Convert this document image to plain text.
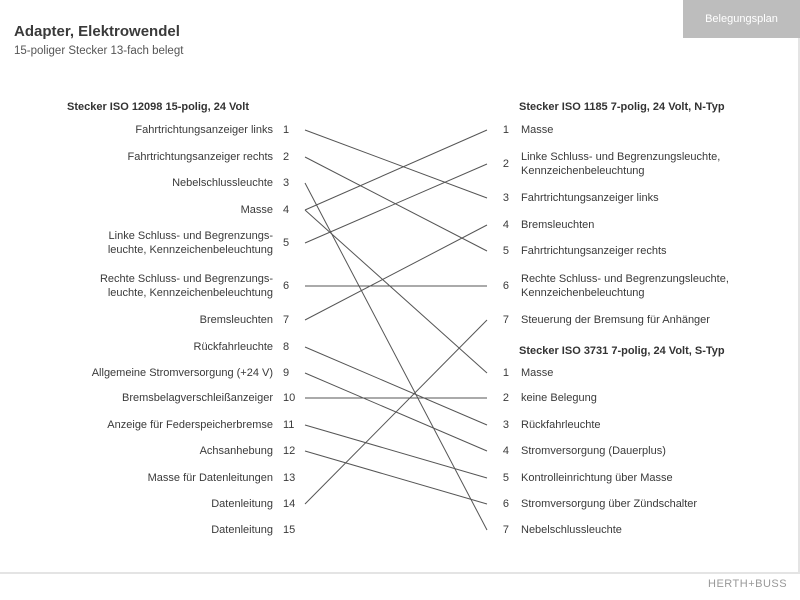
Belegungsplan
Adapter, Elektrowendel
15-poliger Stecker 13-fach belegt
Stecker ISO 12098 15-polig, 24 Volt	Stecker ISO 1185 7-polig, 24 Volt, N-Typ
Stecker ISO 3731 7-polig, 24 Volt, S-Typ
Fahrtrichtungsanzeiger links 1
Fahrtrichtungsanzeiger rechts 2
Nebelschlussleuchte 3
Masse 4
Linke Schluss- und Begrenzungs-
leuchte, Kennzeichenbeleuchtung
5
Rechte Schluss- und Begrenzungs-
leuchte, Kennzeichenbeleuchtung
6
Bremsleuchten 7
Rückfahrleuchte 8
Allgemeine Stromversorgung (+24 V) 9
Bremsbelagverschleißanzeiger 10
Anzeige für Federspeicherbremse 11
Achsanhebung 12
Masse für Datenleitungen 13
Datenleitung 14
Datenleitung 15
1 Masse
2
Linke Schluss- und Begrenzungsleuchte,
Kennzeichenbeleuchtung
3 Fahrtrichtungsanzeiger links
4 Bremsleuchten
5 Fahrtrichtungsanzeiger rechts
6
Rechte Schluss- und Begrenzungsleuchte,
Kennzeichenbeleuchtung
7 Steuerung der Bremsung für Anhänger
1 Masse
2 keine Belegung
3 Rückfahrleuchte
4 Stromversorgung (Dauerplus)
5 Kontrolleinrichtung über Masse
6 Stromversorgung über Zündschalter
7 Nebelschlussleuchte
HERTH+BUSS
